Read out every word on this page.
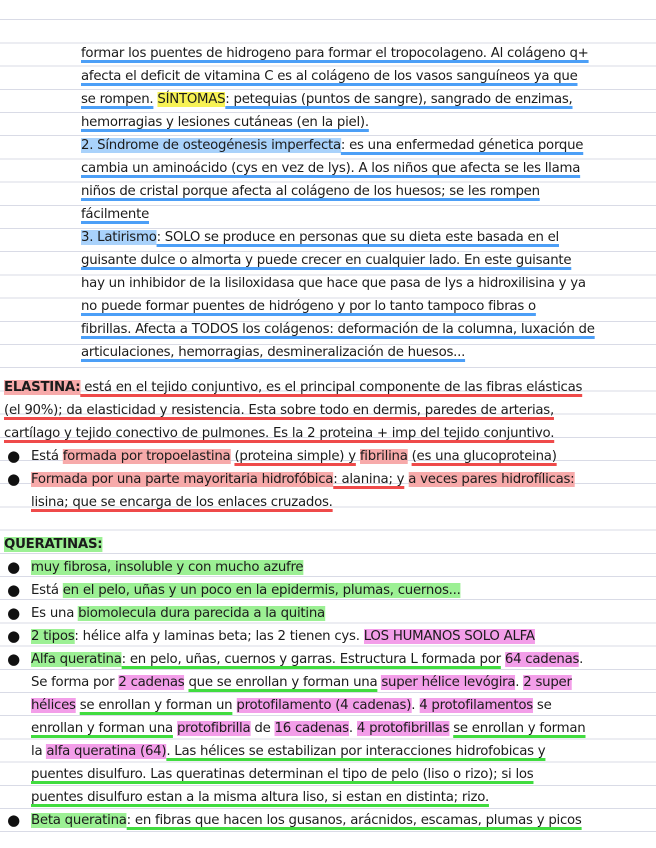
formar los puentes de hidrogeno para formar el tropocolageno. Al colágeno q+
afecta el deficit de vitamina C es al colágeno de los vasos sanguíneos ya que
se rompen. SÍNTOMAS: petequias (puntos de sangre), sangrado de enzimas,
hemorragias y lesiones cutáneas (en la piel).
2. Síndrome de osteogénesis imperfecta: es una enfermedad génetica porque
cambia un aminoácido (cys en vez de lys). A los niños que afecta se les llama
niños de cristal porque afecta al colágeno de los huesos; se les rompen
fácilmente
3. Latirismo: SOLO se produce en personas que su dieta este basada en el
guisante dulce o almorta y puede crecer en cualquier lado. En este guisante
hay un inhibidor de la lisiloxidasa que hace que pasa de lys a hidroxilisina y ya
no puede formar puentes de hidrógeno y por lo tanto tampoco fibras o
fibrillas. Afecta a TODOS los colágenos: deformación de la columna, luxación de
articulaciones, hemorragias, desmineralización de huesos...
ELASTINA: está en el tejido conjuntivo, es el principal componente de las fibras elásticas
(el 90%); da elasticidad y resistencia. Esta sobre todo en dermis, paredes de arterias,
cartílago y tejido conectivo de pulmones. Es la 2 proteina + imp del tejido conjuntivo.
● Está formada por tropoelastina (proteina simple) y fibrilina (es una glucoproteina)
● Formada por una parte mayoritaria hidrofóbica: alanina; y a veces pares hidrofílicas:
lisina; que se encarga de los enlaces cruzados.
QUERATINAS:
● muy fibrosa, insoluble y con mucho azufre
● Está en el pelo, uñas y un poco en la epidermis, plumas, cuernos...
● Es una biomolecula dura parecida a la quitina
● 2 tipos: hélice alfa y laminas beta; las 2 tienen cys. LOS HUMANOS SOLO ALFA
● Alfa queratina: en pelo, uñas, cuernos y garras. Estructura L formada por 64 cadenas.
Se forma por 2 cadenas que se enrollan y forman una super hélice levógira. 2 super
hélices se enrollan y forman un protofilamento (4 cadenas). 4 protofilamentos se
enrollan y forman una protofibrilla de 16 cadenas. 4 protofibrillas se enrollan y forman
la alfa queratina (64). Las hélices se estabilizan por interacciones hidrofobicas y
puentes disulfuro. Las queratinas determinan el tipo de pelo (liso o rizo); si los
puentes disulfuro estan a la misma altura liso, si estan en distinta; rizo.
● Beta queratina: en fibras que hacen los gusanos, arácnidos, escamas, plumas y picos
